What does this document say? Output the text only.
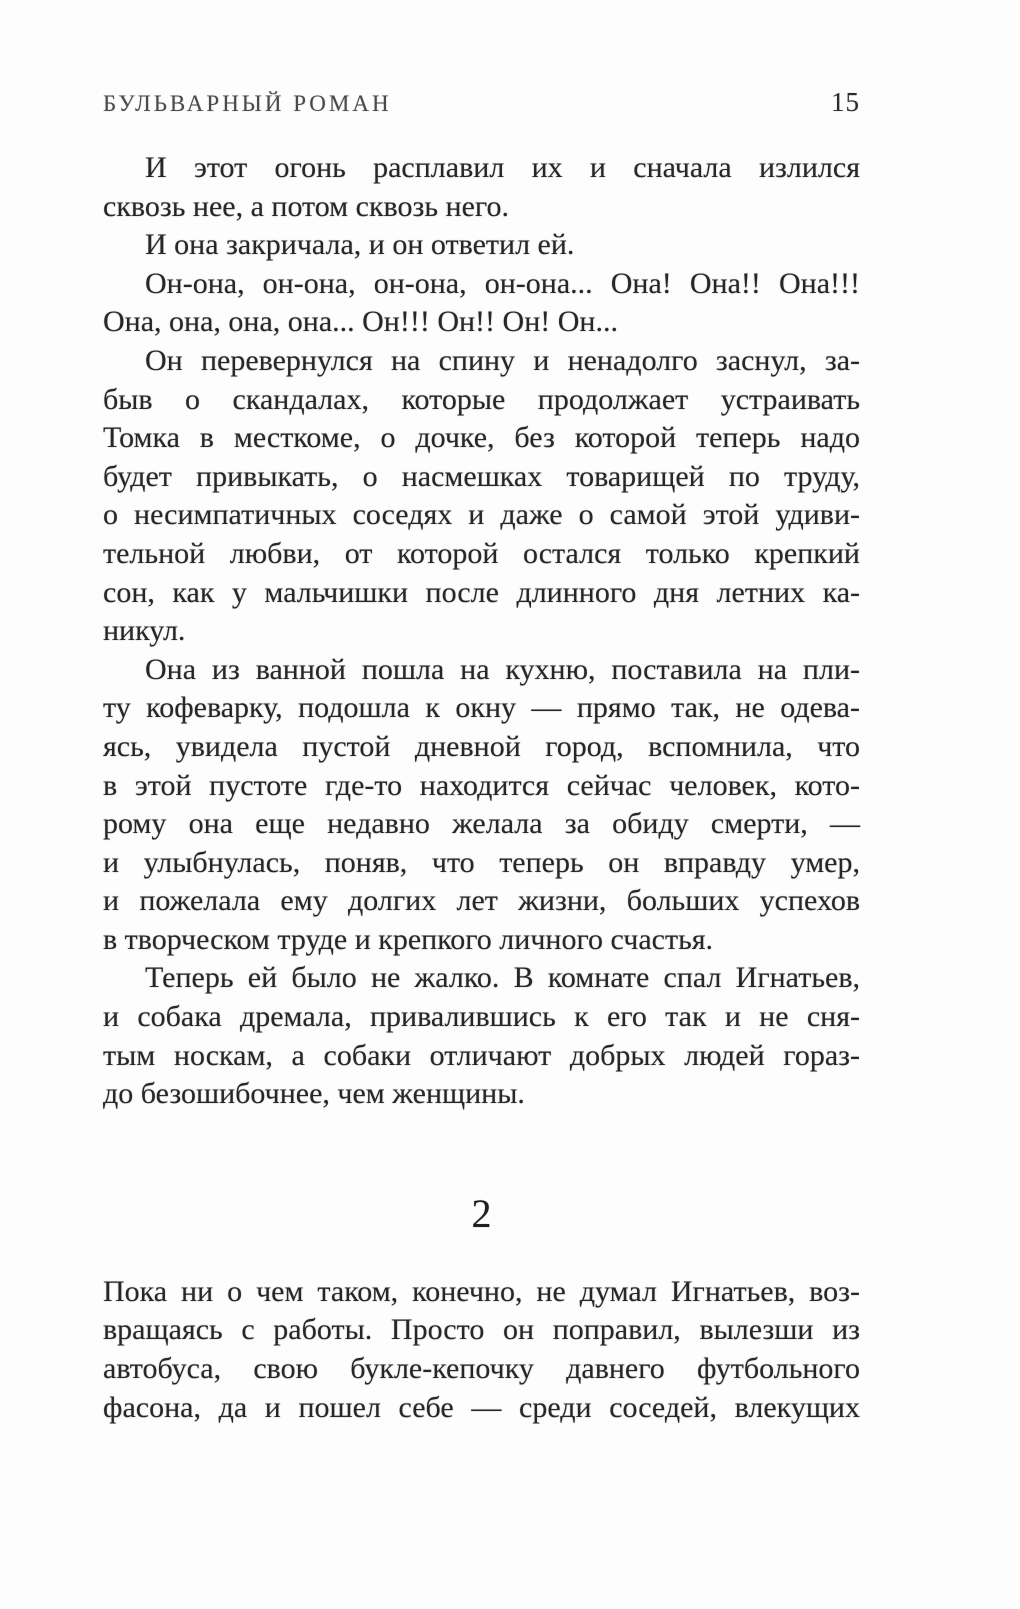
БУЛЬВАРНЫЙ РОМАН	15
И этот огонь расплавил их и сначала излился
сквозь нее, а потом сквозь него.
И она закричала, и он ответил ей.
Он-она, он-она, он-она, он-она... Она! Она!! Она!!!
Она, она, она, она... Он!!! Он!! Он! Он...
Он перевернулся на спину и ненадолго заснул, за-
быв о скандалах, которые продолжает устраивать
Томка в месткоме, о дочке, без которой теперь надо
будет привыкать, о насмешках товарищей по труду,
о несимпатичных соседях и даже о самой этой удиви-
тельной любви, от которой остался только крепкий
сон, как у мальчишки после длинного дня летних ка-
никул.
Она из ванной пошла на кухню, поставила на пли-
ту кофеварку, подошла к окну — прямо так, не одева-
ясь, увидела пустой дневной город, вспомнила, что
в этой пустоте где-то находится сейчас человек, кото-
рому она еще недавно желала за обиду смерти, —
и улыбнулась, поняв, что теперь он вправду умер,
и пожелала ему долгих лет жизни, больших успехов
в творческом труде и крепкого личного счастья.
Теперь ей было не жалко. В комнате спал Игнатьев,
и собака дремала, привалившись к его так и не сня-
тым носкам, а собаки отличают добрых людей гораз-
до безошибочнее, чем женщины.
2
Пока ни о чем таком, конечно, не думал Игнатьев, воз-
вращаясь с работы. Просто он поправил, вылезши из
автобуса, свою букле-кепочку давнего футбольного
фасона, да и пошел себе — среди соседей, влекущих
